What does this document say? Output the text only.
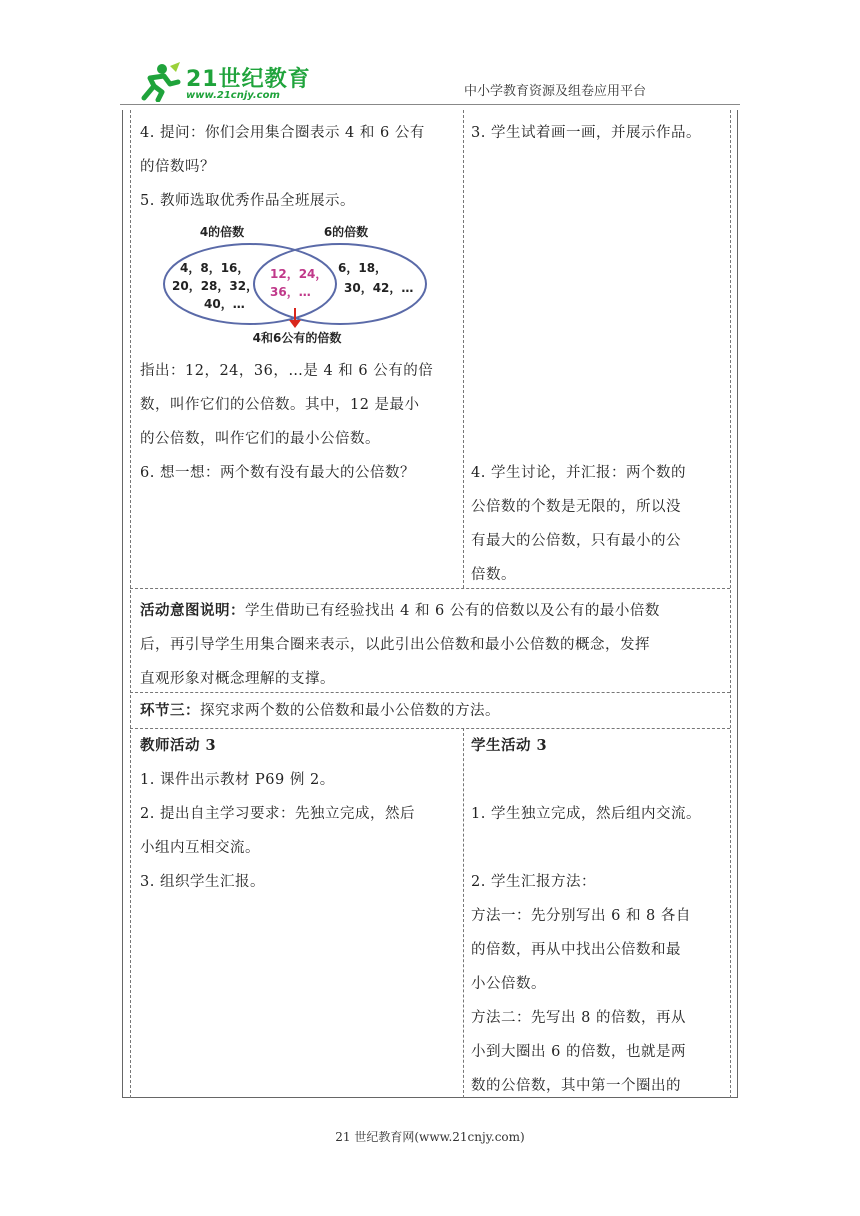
21世纪教育
www.21cnjy.com	中小学教育资源及组卷应用平台

4. 提问：你们会用集合圈表示 4 和 6 公有

的倍数吗？

5. 教师选取优秀作品全班展示。

4的倍数	6的倍数
4，8，16，
20，28，32，
40，…
12，24，
36，…
6，18，
30，42，…
4和6公有的倍数

指出：12，24，36，…是 4 和 6 公有的倍

数，叫作它们的公倍数。其中，12 是最小

的公倍数，叫作它们的最小公倍数。

6. 想一想：两个数有没有最大的公倍数？

3. 学生试着画一画，并展示作品。

4. 学生讨论，并汇报：两个数的

公倍数的个数是无限的，所以没

有最大的公倍数，只有最小的公

倍数。

活动意图说明：学生借助已有经验找出 4 和 6 公有的倍数以及公有的最小倍数

后，再引导学生用集合圈来表示，以此引出公倍数和最小公倍数的概念，发挥

直观形象对概念理解的支撑。

环节三：探究求两个数的公倍数和最小公倍数的方法。

教师活动 3

1. 课件出示教材 P69 例 2。

2. 提出自主学习要求：先独立完成，然后

小组内互相交流。

3. 组织学生汇报。

学生活动 3

1. 学生独立完成，然后组内交流。

2. 学生汇报方法：

方法一：先分别写出 6 和 8 各自

的倍数，再从中找出公倍数和最

小公倍数。

方法二：先写出 8 的倍数，再从

小到大圈出 6 的倍数，也就是两

数的公倍数，其中第一个圈出的

21 世纪教育网(www.21cnjy.com)
